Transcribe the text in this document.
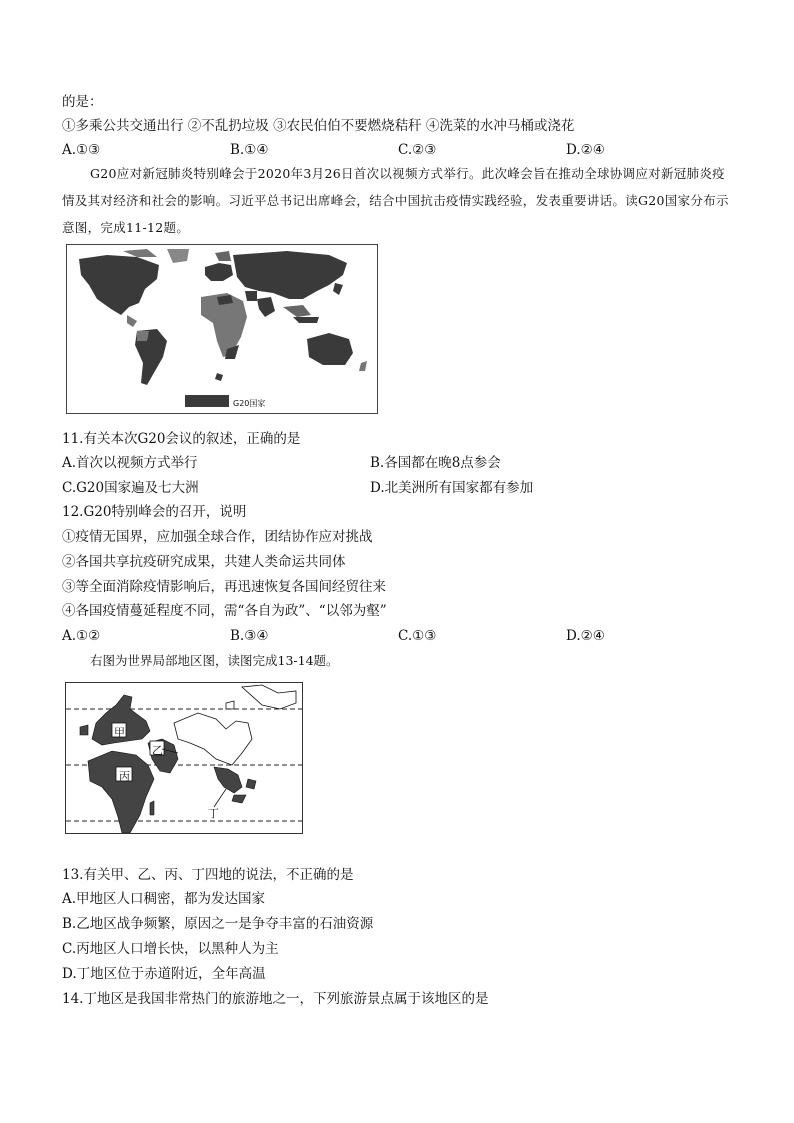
的是：
①多乘公共交通出行 ②不乱扔垃圾 ③农民伯伯不要燃烧秸秆 ④洗菜的水冲马桶或浇花
A.①③	B.①④	C.②③	D.②④
G20应对新冠肺炎特别峰会于2020年3月26日首次以视频方式举行。此次峰会旨在推动全球协调应对新冠肺炎疫情及其对经济和社会的影响。习近平总书记出席峰会，结合中国抗击疫情实践经验，发表重要讲话。读G20国家分布示意图，完成11-12题。
G20国家
11.有关本次G20会议的叙述，正确的是
A.首次以视频方式举行	B.各国都在晚8点参会
C.G20国家遍及七大洲	D.北美洲所有国家都有参加
12.G20特别峰会的召开，说明
①疫情无国界，应加强全球合作，团结协作应对挑战
②各国共享抗疫研究成果，共建人类命运共同体
③等全面消除疫情影响后，再迅速恢复各国间经贸往来
④各国疫情蔓延程度不同，需“各自为政”、“以邻为壑”
A.①②	B.③④	C.①③	D.②④
右图为世界局部地区图，读图完成13-14题。
甲
乙
丙
丁
13.有关甲、乙、丙、丁四地的说法，不正确的是
A.甲地区人口稠密，都为发达国家
B.乙地区战争频繁，原因之一是争夺丰富的石油资源
C.丙地区人口增长快，以黑种人为主
D.丁地区位于赤道附近，全年高温
14.丁地区是我国非常热门的旅游地之一，下列旅游景点属于该地区的是
